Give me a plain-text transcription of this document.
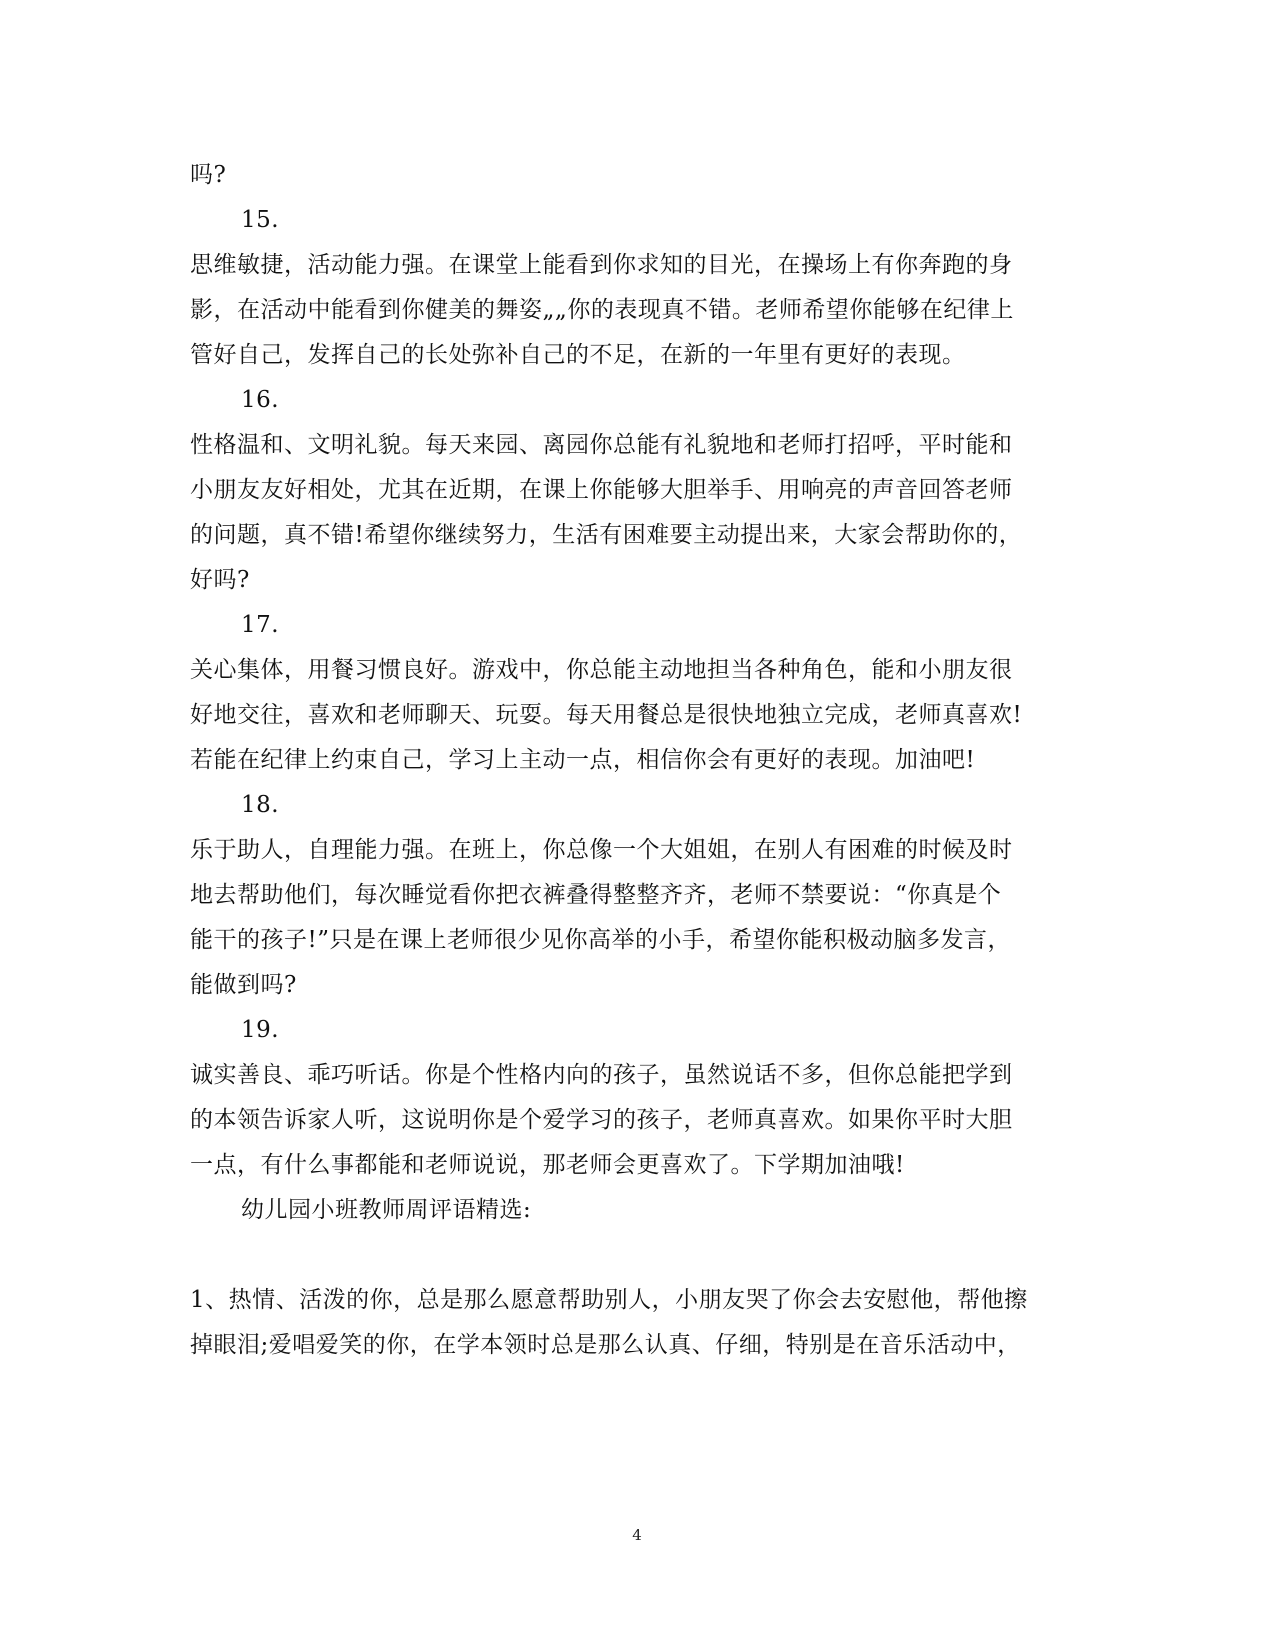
吗?
15.
思维敏捷，活动能力强。在课堂上能看到你求知的目光，在操场上有你奔跑的身
影，在活动中能看到你健美的舞姿„„你的表现真不错。老师希望你能够在纪律上
管好自己，发挥自己的长处弥补自己的不足，在新的一年里有更好的表现。
16.
性格温和、文明礼貌。每天来园、离园你总能有礼貌地和老师打招呼，平时能和
小朋友友好相处，尤其在近期，在课上你能够大胆举手、用响亮的声音回答老师
的问题，真不错!希望你继续努力，生活有困难要主动提出来，大家会帮助你的，
好吗?
17.
关心集体，用餐习惯良好。游戏中，你总能主动地担当各种角色，能和小朋友很
好地交往，喜欢和老师聊天、玩耍。每天用餐总是很快地独立完成，老师真喜欢!
若能在纪律上约束自己，学习上主动一点，相信你会有更好的表现。加油吧!
18.
乐于助人，自理能力强。在班上，你总像一个大姐姐，在别人有困难的时候及时
地去帮助他们，每次睡觉看你把衣裤叠得整整齐齐，老师不禁要说：“你真是个
能干的孩子!”只是在课上老师很少见你高举的小手，希望你能积极动脑多发言，
能做到吗?
19.
诚实善良、乖巧听话。你是个性格内向的孩子，虽然说话不多，但你总能把学到
的本领告诉家人听，这说明你是个爱学习的孩子，老师真喜欢。如果你平时大胆
一点，有什么事都能和老师说说，那老师会更喜欢了。下学期加油哦!
幼儿园小班教师周评语精选:
1、热情、活泼的你，总是那么愿意帮助别人，小朋友哭了你会去安慰他，帮他擦
掉眼泪;爱唱爱笑的你，在学本领时总是那么认真、仔细，特别是在音乐活动中，
4
